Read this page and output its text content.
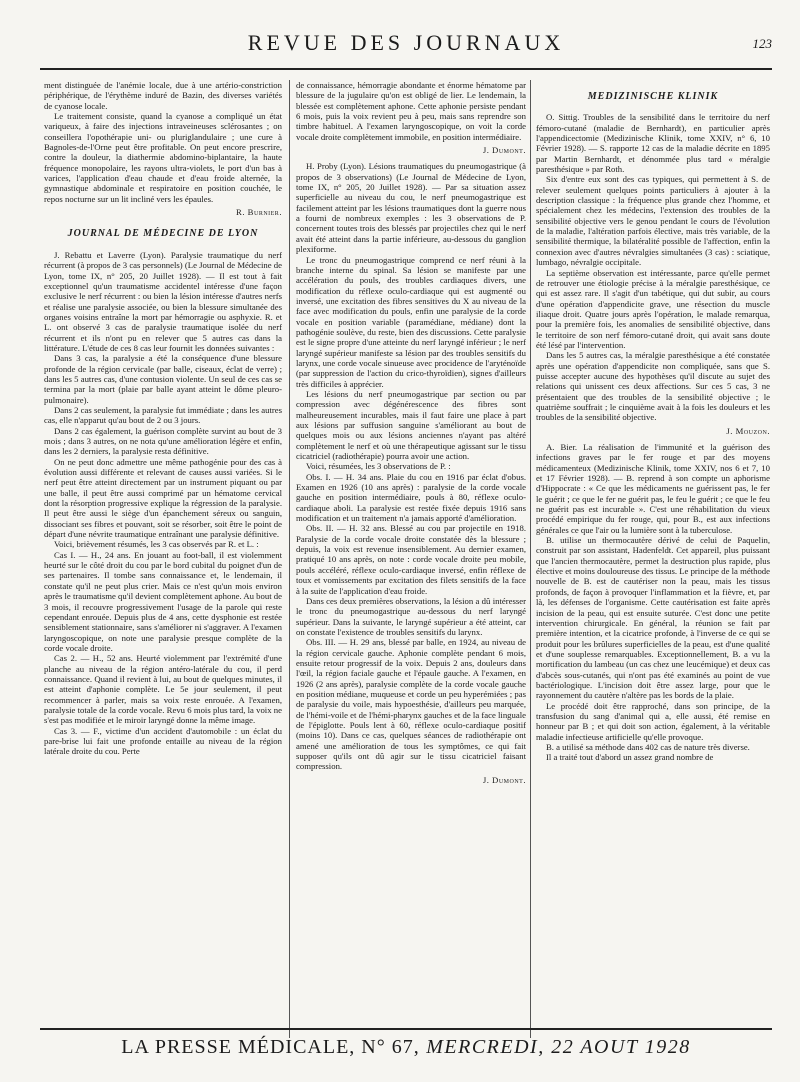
REVUE DES JOURNAUX	123

ment distinguée de l'anémie locale, due à une artério-constriction périphérique, de l'érythème induré de Bazin, des diverses variétés de cyanose locale.

Le traitement consiste, quand la cyanose a compliqué un état variqueux, à faire des injections intraveineuses sclérosantes ; on conseillera l'opothérapie uni- ou pluriglandulaire ; une cure à Bagnoles-de-l'Orne peut être profitable. On peut encore prescrire, contre la douleur, la diathermie abdomino-biplantaire, la haute fréquence monopolaire, les rayons ultra-violets, le port d'un bas à varices, l'application d'eau chaude et d'eau froide alternée, la gymnastique abdominale et respiratoire en position couchée, le repos nocturne sur un lit incliné vers les épaules.

R. Burnier.
JOURNAL DE MÉDECINE DE LYON

J. Rebattu et Laverre (Lyon). Paralysie traumatique du nerf récurrent (à propos de 3 cas personnels) (Le Journal de Médecine de Lyon, tome IX, n° 205, 20 Juillet 1928). — Il est tout à fait exceptionnel qu'un traumatisme accidentel intéresse d'une façon exclusive le nerf récurrent : ou bien la lésion intéresse d'autres nerfs et réalise une paralysie associée, ou bien la blessure simultanée des organes voisins entraîne la mort par hémorragie ou asphyxie. R. et L. ont observé 3 cas de paralysie traumatique isolée du nerf récurrent et ils n'ont pu en relever que 5 autres cas dans la littérature. L'étude de ces 8 cas leur fournit les données suivantes :

Dans 3 cas, la paralysie a été la conséquence d'une blessure profonde de la région cervicale (par balle, ciseaux, éclat de verre) ; dans les 5 autres cas, d'une contusion violente. Un seul de ces cas se termina par la mort (plaie par balle ayant atteint le dôme pleuro-pulmonaire).

Dans 2 cas seulement, la paralysie fut immédiate ; dans les autres cas, elle n'apparut qu'au bout de 2 ou 3 jours.

Dans 2 cas également, la guérison complète survint au bout de 3 mois ; dans 3 autres, on ne nota qu'une amélioration légère et enfin, dans les 2 derniers, la paralysie resta définitive.

On ne peut donc admettre une même pathogénie pour des cas à évolution aussi différente et relevant de causes aussi variées. Si le nerf peut être atteint directement par un instrument piquant ou par une balle, il peut être aussi comprimé par un hématome cervical dont la résorption progressive explique la régression de la paralysie. Il peut être aussi le siège d'un épanchement séreux ou sanguin, dissociant ses fibres et pouvant, soit se résorber, soit être le point de départ d'une névrite traumatique entraînant une paralysie définitive.

Voici, brièvement résumés, les 3 cas observés par R. et L. :

Cas I. — H., 24 ans. En jouant au foot-ball, il est violemment heurté sur le côté droit du cou par le bord cubital du poignet d'un de ses partenaires. Il tombe sans connaissance et, le lendemain, il constate qu'il ne peut plus crier. Mais ce n'est qu'un mois environ après le traumatisme qu'il devient complètement aphone. Au bout de 3 mois, il recouvre progressivement l'usage de la parole qui reste cependant enrouée. Depuis plus de 4 ans, cette dysphonie est restée sensiblement stationnaire, sans s'améliorer ni s'aggraver. A l'examen laryngoscopique, on note une paralysie presque complète de la corde vocale droite.

Cas 2. — H., 52 ans. Heurté violemment par l'extrémité d'une planche au niveau de la région antéro-latérale du cou, il perd connaissance. Quand il revient à lui, au bout de quelques minutes, il est atteint d'aphonie complète. Le 5e jour seulement, il peut recommencer à parler, mais sa voix reste enrouée. A l'examen, paralysie totale de la corde vocale. Revu 6 mois plus tard, la voix ne s'est pas modifiée et le miroir laryngé donne la même image.

Cas 3. — F., victime d'un accident d'automobile : un éclat du pare-brise lui fait une profonde entaille au niveau de la région latérale droite du cou. Perte

de connaissance, hémorragie abondante et énorme hématome par blessure de la jugulaire qu'on est obligé de lier. Le lendemain, la blessée est complètement aphone. Cette aphonie persiste pendant 6 mois, puis la voix revient peu à peu, mais sans reprendre son timbre habituel. A l'examen laryngoscopique, on voit la corde vocale droite complètement immobile, en position intermédiaire.

J. Dumont.

H. Proby (Lyon). Lésions traumatiques du pneumogastrique (à propos de 3 observations) (Le Journal de Médecine de Lyon, tome IX, n° 205, 20 Juillet 1928). — Par sa situation assez superficielle au niveau du cou, le nerf pneumogastrique est facilement atteint par les lésions traumatiques dont la guerre nous a fourni de nombreux exemples : les 3 observations de P. concernent toutes trois des blessés par projectiles chez qui le nerf avait été atteint dans la partie inférieure, au-dessous du ganglion plexiforme.

Le tronc du pneumogastrique comprend ce nerf réuni à la branche interne du spinal. Sa lésion se manifeste par une accélération du pouls, des troubles cardiaques divers, une modification du réflexe oculo-cardiaque qui est augmenté ou inversé, une excitation des fibres sensitives du X au niveau de la face avec modification du pouls, enfin une paralysie de la corde vocale en position variable (paramédiane, médiane) dont la pathogénie soulève, du reste, bien des discussions. Cette paralysie est le signe propre d'une atteinte du nerf laryngé inférieur ; le nerf laryngé supérieur manifeste sa lésion par des troubles sensitifs du larynx, une corde vocale sinueuse avec procidence de l'aryténoïde (par suppression de l'action du crico-thyroïdien), signes d'ailleurs très difficiles à apprécier.

Les lésions du nerf pneumogastrique par section ou par compression avec dégénérescence des fibres sont malheureusement incurables, mais il faut faire une place à part aux lésions par suffusion sanguine s'améliorant au bout de quelques mois ou aux lésions anciennes n'ayant pas altéré complètement le nerf et où une thérapeutique agissant sur le tissu cicatriciel (radiothérapie) pourra avoir une action.

Voici, résumées, les 3 observations de P. :

Obs. I. — H. 34 ans. Plaie du cou en 1916 par éclat d'obus. Examen en 1926 (10 ans après) : paralysie de la corde vocale gauche en position intermédiaire, pouls à 80, réflexe oculo-cardiaque aboli. La paralysie est restée fixée depuis 1916 sans modification et un traitement n'a jamais apporté d'amélioration.

Obs. II. — H. 32 ans. Blessé au cou par projectile en 1918. Paralysie de la corde vocale droite constatée dès la blessure ; depuis, la voix est revenue insensiblement. Au dernier examen, pratiqué 10 ans après, on note : corde vocale droite peu mobile, pouls accéléré, réflexe oculo-cardiaque inversé, enfin réflexe de toux et vomissements par excitation des filets sensitifs de la face à la suite de l'application d'eau froide.

Dans ces deux premières observations, la lésion a dû intéresser le tronc du pneumogastrique au-dessous du nerf laryngé supérieur. Dans la suivante, le laryngé supérieur a été atteint, car on constate l'existence de troubles sensitifs du larynx.

Obs. III. — H. 29 ans, blessé par balle, en 1924, au niveau de la région cervicale gauche. Aphonie complète pendant 6 mois, ensuite retour progressif de la voix. Depuis 2 ans, douleurs dans l'œil, la région faciale gauche et l'épaule gauche. A l'examen, en 1926 (2 ans après), paralysie complète de la corde vocale gauche en position médiane, muqueuse et corde un peu hyperémiées ; pas de paralysie du voile, mais hypoesthésie, d'ailleurs peu marquée, de l'hémi-voile et de l'hémi-pharynx gauches et de la face linguale de l'épiglotte. Pouls lent à 60, réflexe oculo-cardiaque positif (moins 10). Dans ce cas, quelques séances de radiothérapie ont amené une amélioration de tous les symptômes, ce qui fait supposer qu'ils ont dû agir sur le tissu cicatriciel faisant compression.

J. Dumont.
MEDIZINISCHE KLINIK

O. Sittig. Troubles de la sensibilité dans le territoire du nerf fémoro-cutané (maladie de Bernhardt), en particulier après l'appendicectomie (Medizinische Klinik, tome XXIV, n° 6, 10 Février 1928). — S. rapporte 12 cas de la maladie décrite en 1895 par Martin Bernhardt, et dénommée plus tard « méralgie paresthésique » par Roth.

Six d'entre eux sont des cas typiques, qui permettent à S. de relever seulement quelques points particuliers à ajouter à la description classique : la fréquence plus grande chez l'homme, et spécialement chez les médecins, l'extension des troubles de la sensibilité objective vers le genou pendant le cours de l'évolution de la maladie, l'altération parfois élective, mais très variable, de la sensibilité thermique, la bilatéralité possible de l'affection, enfin la connexion avec d'autres névralgies simultanées (3 cas) : sciatique, lumbago, névralgie occipitale.

La septième observation est intéressante, parce qu'elle permet de retrouver une étiologie précise à la méralgie paresthésique, ce qui est assez rare. Il s'agit d'un tabétique, qui dut subir, au cours d'une opération d'appendicite grave, une résection du muscle iliaque droit. Quatre jours après l'opération, le malade remarqua, pour la première fois, les anomalies de sensibilité objective, dans le territoire de son nerf fémoro-cutané droit, qui avait sans doute été lésé par l'intervention.

Dans les 5 autres cas, la méralgie paresthésique a été constatée après une opération d'appendicite non compliquée, sans que S. puisse accepter aucune des hypothèses qu'il discute au sujet des relations qui unissent ces deux affections. Sur ces 5 cas, 3 ne présentaient que des troubles de la sensibilité objective ; le quatrième souffrait ; le cinquième avait à la fois les douleurs et les troubles de la sensibilité objective.

J. Mouzon.

A. Bier. La réalisation de l'immunité et la guérison des infections graves par le fer rouge et par des moyens médicamenteux (Medizinische Klinik, tome XXIV, nos 6 et 7, 10 et 17 Février 1928). — B. reprend à son compte un aphorisme d'Hippocrate : « Ce que les médicaments ne guérissent pas, le fer le guérit ; ce que le fer ne guérit pas, le feu le guérit ; ce que le feu ne guérit pas est incurable ». C'est une réhabilitation du vieux procédé empirique du fer rouge, qui, pour B., est aux infections générales ce que l'air ou la lumière sont à la tuberculose.

B. utilise un thermocautère dérivé de celui de Paquelin, construit par son assistant, Hadenfeldt. Cet appareil, plus puissant que l'ancien thermocautère, permet la destruction plus rapide, plus élective et moins douloureuse des tissus. Le principe de la méthode nouvelle de B. est de cautériser non la peau, mais les tissus profonds, de façon à provoquer l'inflammation et la fièvre, et, par là, les défenses de l'organisme. Cette cautérisation est faite après incision de la peau, qui est ensuite suturée. C'est donc une petite intervention chirurgicale. En général, la réunion se fait par première intention, et la cicatrice profonde, à l'inverse de ce qui se produit pour les brûlures superficielles de la peau, est d'une qualité et d'une souplesse remarquables. Exceptionnellement, B. a vu la mortification du lambeau (un cas chez une leucémique) et deux cas d'abcès sous-cutanés, qui n'ont pas été examinés au point de vue bactériologique. L'incision doit être assez large, pour que le rayonnement du cautère n'altère pas les bords de la plaie.

Le procédé doit être rapproché, dans son principe, de la transfusion du sang d'animal qui a, elle aussi, été remise en honneur par B ; et qui doit son action, également, à la véritable maladie infectieuse artificielle qu'elle provoque.

B. a utilisé sa méthode dans 402 cas de nature très diverse.

Il a traité tout d'abord un assez grand nombre de

LA PRESSE MÉDICALE, N° 67, MERCREDI, 22 AOUT 1928
